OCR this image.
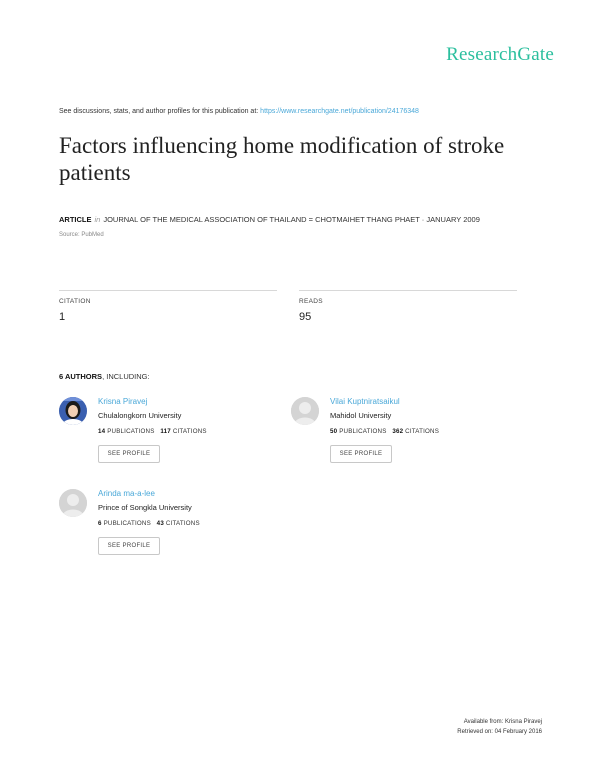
ResearchGate
See discussions, stats, and author profiles for this publication at: https://www.researchgate.net/publication/24176348
Factors influencing home modification of stroke patients
ARTICLE in JOURNAL OF THE MEDICAL ASSOCIATION OF THAILAND = CHOTMAIHET THANG PHAET · JANUARY 2009
Source: PubMed
CITATION
1
READS
95
6 AUTHORS, INCLUDING:
Krisna Piravej
Chulalongkorn University
14 PUBLICATIONS 117 CITATIONS
SEE PROFILE
Vilai Kuptniratsaikul
Mahidol University
50 PUBLICATIONS 362 CITATIONS
SEE PROFILE
Arinda ma-a-lee
Prince of Songkla University
6 PUBLICATIONS 43 CITATIONS
SEE PROFILE
Available from: Krisna Piravej
Retrieved on: 04 February 2016
